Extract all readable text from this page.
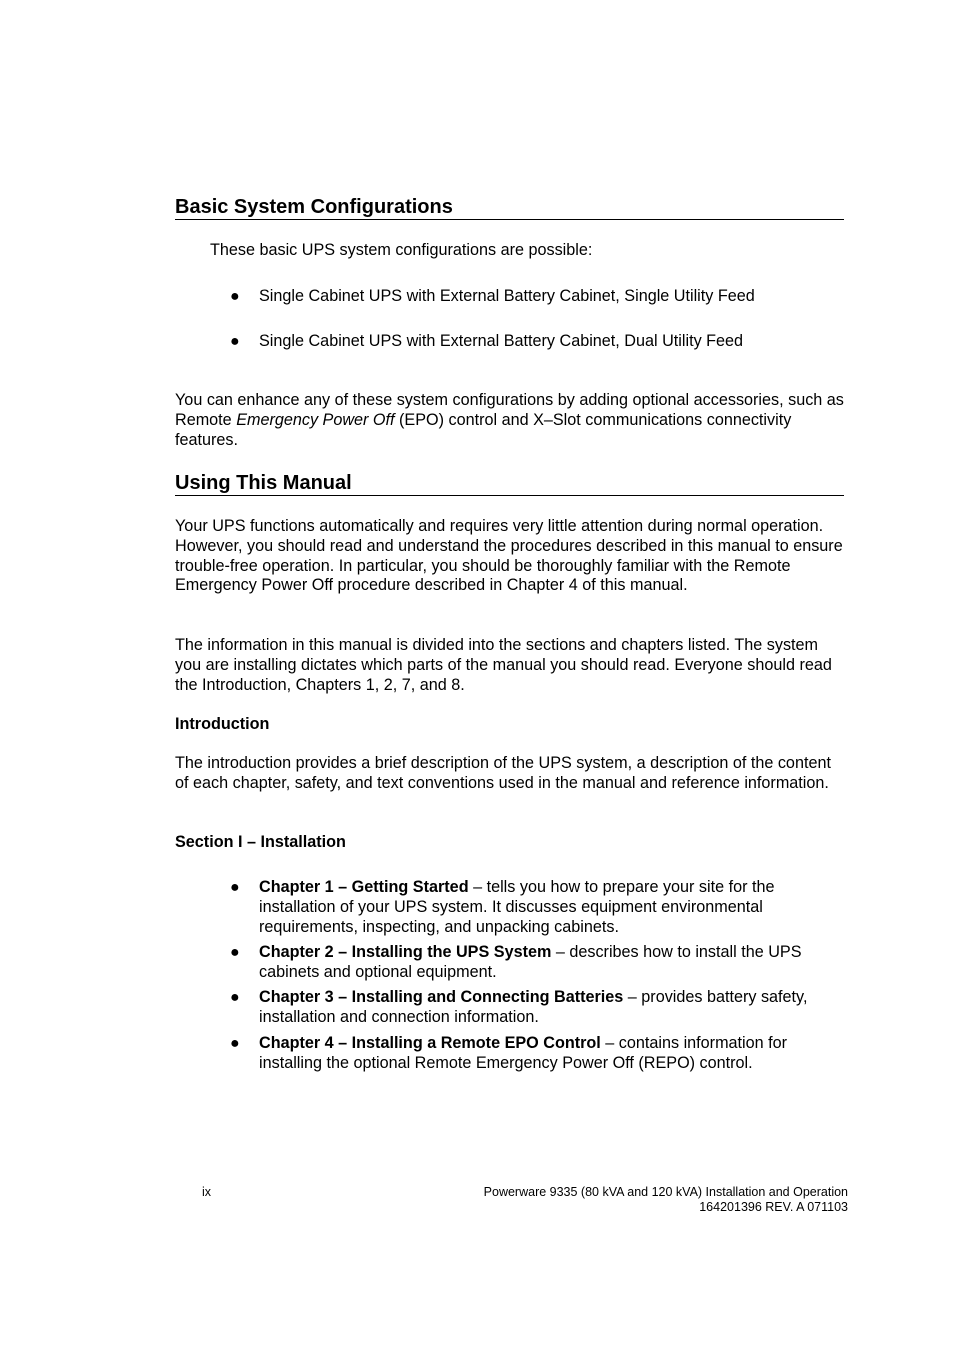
Basic System Configurations

These basic UPS system configurations are possible:

●	Single Cabinet UPS with External Battery Cabinet, Single Utility Feed
●	Single Cabinet UPS with External Battery Cabinet, Dual Utility Feed

You can enhance any of these system configurations by adding optional accessories, such as Remote Emergency Power Off (EPO) control and X–Slot communications connectivity features.

Using This Manual

Your UPS functions automatically and requires very little attention during normal operation. However, you should read and understand the procedures described in this manual to ensure trouble-free operation. In particular, you should be thoroughly familiar with the Remote Emergency Power Off procedure described in Chapter 4 of this manual.

The information in this manual is divided into the sections and chapters listed. The system you are installing dictates which parts of the manual you should read. Everyone should read the Introduction, Chapters 1, 2, 7, and 8.

Introduction

The introduction provides a brief description of the UPS system, a description of the content of each chapter, safety, and text conventions used in the manual and reference information.

Section I – Installation

●	Chapter 1 – Getting Started – tells you how to prepare your site for the installation of your UPS system. It discusses equipment environmental requirements, inspecting, and unpacking cabinets.
●	Chapter 2 – Installing the UPS System – describes how to install the UPS cabinets and optional equipment.
●	Chapter 3 – Installing and Connecting Batteries – provides battery safety, installation and connection information.
●	Chapter 4 – Installing a Remote EPO Control – contains information for installing the optional Remote Emergency Power Off (REPO) control.

ix	Powerware 9335 (80 kVA and 120 kVA) Installation and Operation
164201396 REV. A 071103
